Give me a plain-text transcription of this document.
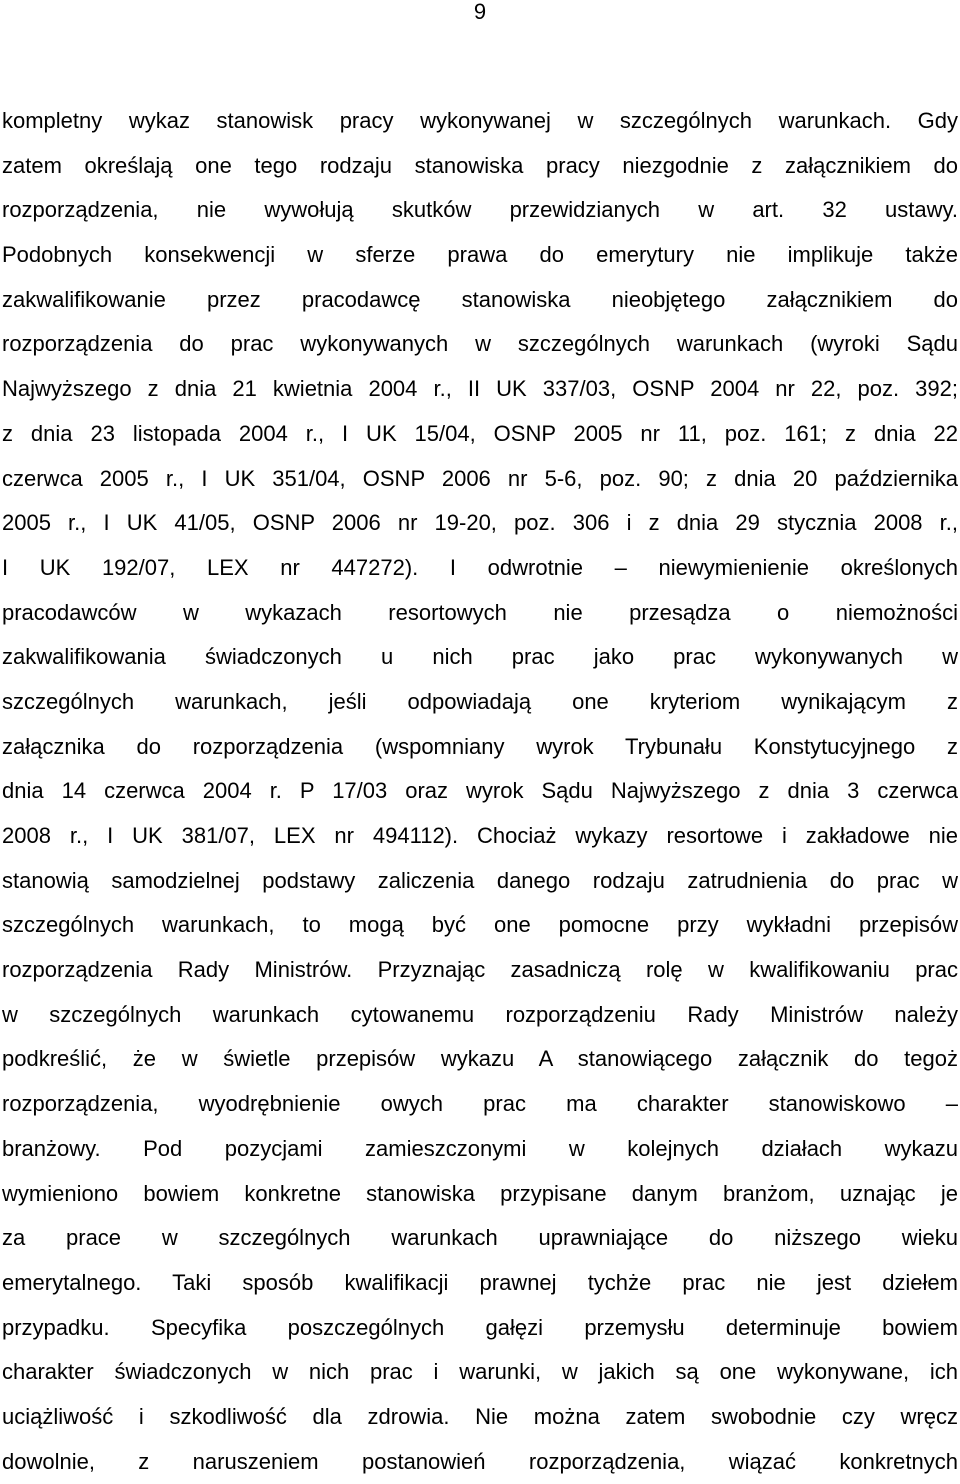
9
kompletny wykaz stanowisk pracy wykonywanej w szczególnych warunkach. Gdy
zatem określają one tego rodzaju stanowiska pracy niezgodnie z załącznikiem do
rozporządzenia, nie wywołują skutków przewidzianych w art. 32 ustawy.
Podobnych konsekwencji w sferze prawa do emerytury nie implikuje także
zakwalifikowanie przez pracodawcę stanowiska nieobjętego załącznikiem do
rozporządzenia do prac wykonywanych w szczególnych warunkach (wyroki Sądu
Najwyższego z dnia 21 kwietnia 2004 r., II UK 337/03, OSNP 2004 nr 22, poz. 392;
z dnia 23 listopada 2004 r., I UK 15/04, OSNP 2005 nr 11, poz. 161; z dnia 22
czerwca 2005 r., I UK 351/04, OSNP 2006 nr 5-6, poz. 90; z dnia 20 października
2005 r., I UK 41/05, OSNP 2006 nr 19-20, poz. 306 i z dnia 29 stycznia 2008 r.,
I UK 192/07, LEX nr 447272). I odwrotnie – niewymienienie określonych
pracodawców w wykazach resortowych nie przesądza o niemożności
zakwalifikowania świadczonych u nich prac jako prac wykonywanych w
szczególnych warunkach, jeśli odpowiadają one kryteriom wynikającym z
załącznika do rozporządzenia (wspomniany wyrok Trybunału Konstytucyjnego z
dnia 14 czerwca 2004 r. P 17/03 oraz wyrok Sądu Najwyższego z dnia 3 czerwca
2008 r., I UK 381/07, LEX nr 494112). Chociaż wykazy resortowe i zakładowe nie
stanowią samodzielnej podstawy zaliczenia danego rodzaju zatrudnienia do prac w
szczególnych warunkach, to mogą być one pomocne przy wykładni przepisów
rozporządzenia Rady Ministrów. Przyznając zasadniczą rolę w kwalifikowaniu prac
w szczególnych warunkach cytowanemu rozporządzeniu Rady Ministrów należy
podkreślić, że w świetle przepisów wykazu A stanowiącego załącznik do tegoż
rozporządzenia, wyodrębnienie owych prac ma charakter stanowiskowo –
branżowy. Pod pozycjami zamieszczonymi w kolejnych działach wykazu
wymieniono bowiem konkretne stanowiska przypisane danym branżom, uznając je
za prace w szczególnych warunkach uprawniające do niższego wieku
emerytalnego. Taki sposób kwalifikacji prawnej tychże prac nie jest dziełem
przypadku. Specyfika poszczególnych gałęzi przemysłu determinuje bowiem
charakter świadczonych w nich prac i warunki, w jakich są one wykonywane, ich
uciążliwość i szkodliwość dla zdrowia. Nie można zatem swobodnie czy wręcz
dowolnie, z naruszeniem postanowień rozporządzenia, wiązać konkretnych
